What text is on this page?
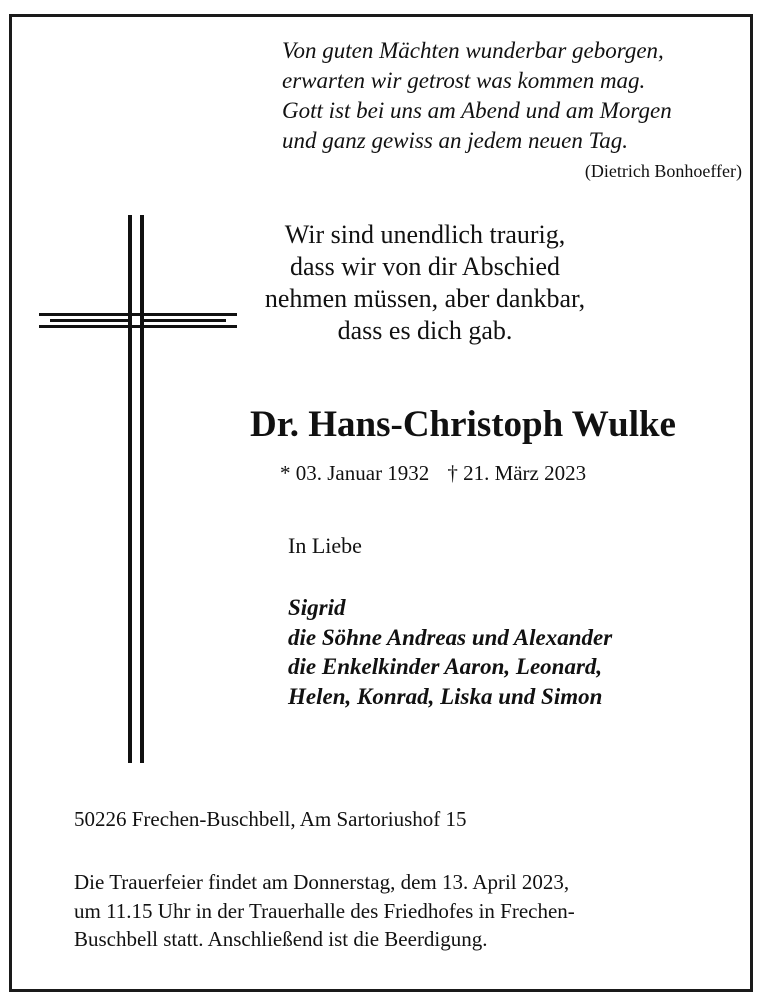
Von guten Mächten wunderbar geborgen,
erwarten wir getrost was kommen mag.
Gott ist bei uns am Abend und am Morgen
und ganz gewiss an jedem neuen Tag.
(Dietrich Bonhoeffer)
Wir sind unendlich traurig,
dass wir von dir Abschied
nehmen müssen, aber dankbar,
dass es dich gab.
Dr. Hans-Christoph Wulke
* 03. Januar 1932 † 21. März 2023
In Liebe
Sigrid
die Söhne Andreas und Alexander
die Enkelkinder Aaron, Leonard,
Helen, Konrad, Liska und Simon
50226 Frechen-Buschbell, Am Sartoriushof 15
Die Trauerfeier findet am Donnerstag, dem 13. April 2023,
um 11.15 Uhr in der Trauerhalle des Friedhofes in Frechen-
Buschbell statt. Anschließend ist die Beerdigung.
